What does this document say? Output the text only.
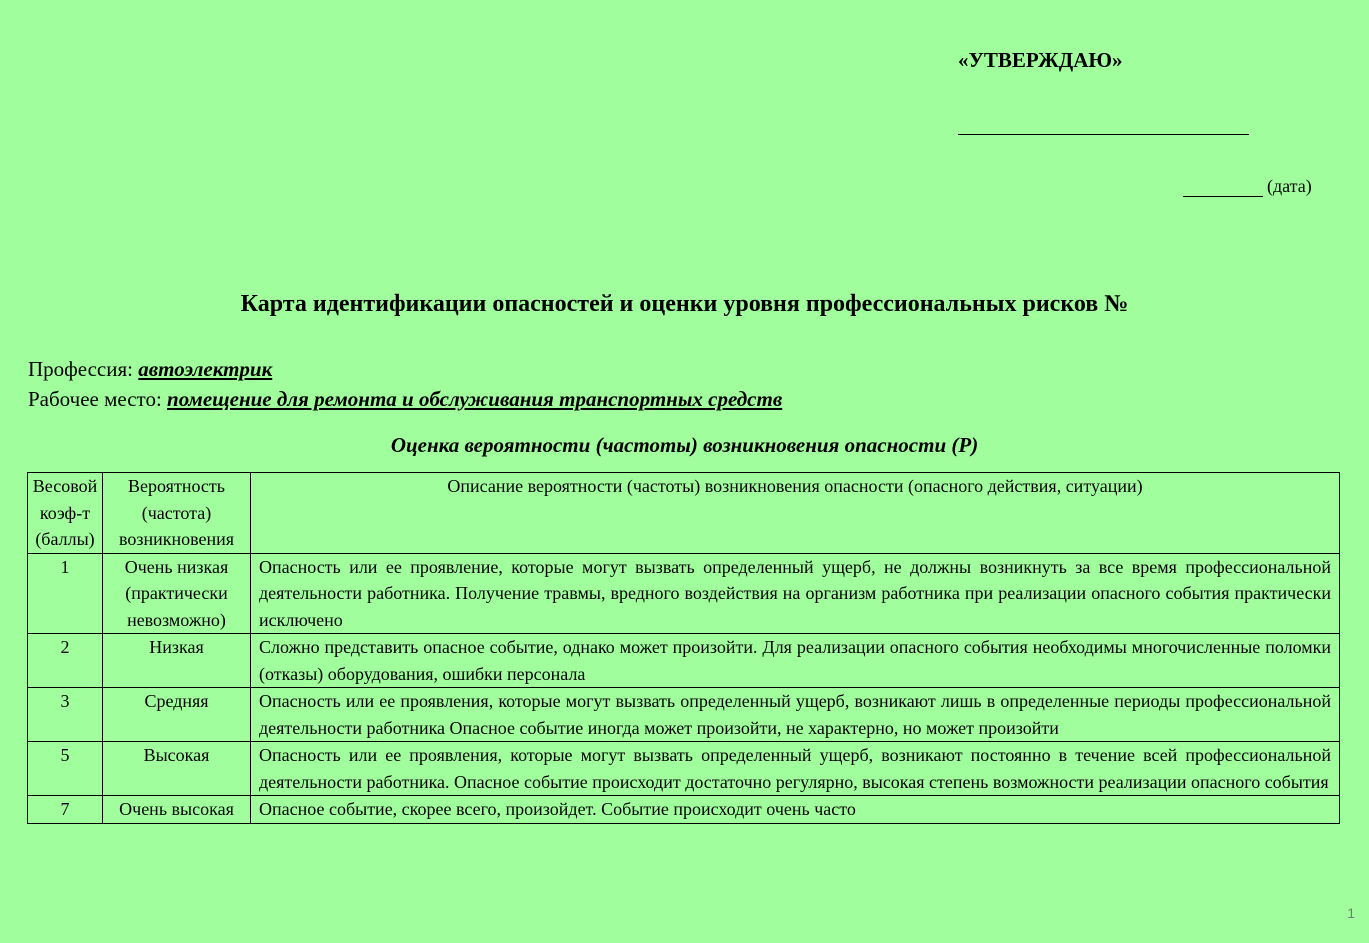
«УТВЕРЖДАЮ»
(дата)
Карта идентификации опасностей и оценки уровня профессиональных рисков №
Профессия: автоэлектрик
Рабочее место: помещение для ремонта и обслуживания транспортных средств
Оценка вероятности (частоты) возникновения опасности (Р)
Весовой коэф-т (баллы)	Вероятность (частота) возникновения	Описание вероятности (частоты) возникновения опасности (опасного действия, ситуации)
1	Очень низкая (практически невозможно)	Опасность или ее проявление, которые могут вызвать определенный ущерб, не должны возникнуть за все время профессиональной деятельности работника. Получение травмы, вредного воздействия на организм работника при реализации опасного события практически исключено
2	Низкая	Сложно представить опасное событие, однако может произойти. Для реализации опасного события необходимы многочисленные поломки (отказы) оборудования, ошибки персонала
3	Средняя	Опасность или ее проявления, которые могут вызвать определенный ущерб, возникают лишь в определенные периоды профессиональной деятельности работника Опасное событие иногда может произойти, не характерно, но может произойти
5	Высокая	Опасность или ее проявления, которые могут вызвать определенный ущерб, возникают постоянно в течение всей профессиональной деятельности работника. Опасное событие происходит достаточно регулярно, высокая степень возможности реализации опасного события
7	Очень высокая	Опасное событие, скорее всего, произойдет. Событие происходит очень часто
1
